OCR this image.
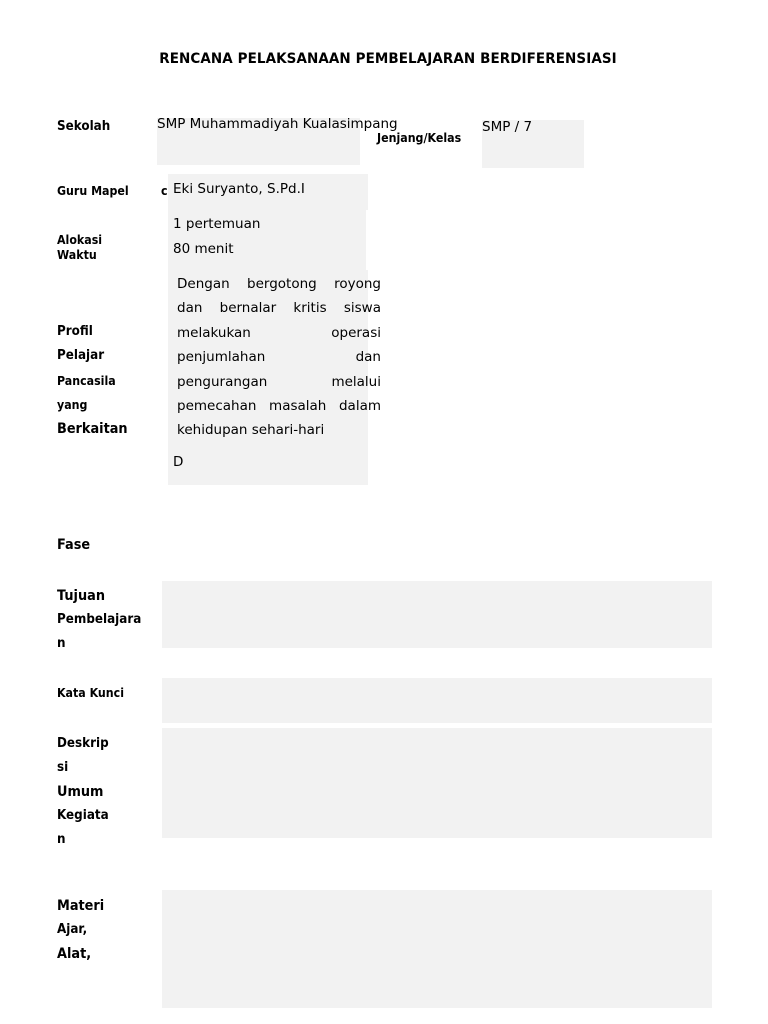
RENCANA PELAKSANAAN PEMBELAJARAN BERDIFERENSIASI
Sekolah	SMP Muhammadiyah Kualasimpang
Jenjang/Kelas
SMP / 7
Guru Mapel	c Eki Suryanto, S.Pd.I
Alokasi
Waktu
1 pertemuan
80 menit
Profil
Pelajar
Pancasila
yang
Berkaitan
Dengan bergotong royong
dan bernalar kritis siswa
melakukan operasi
penjumlahan dan
pengurangan melalui
pemecahan masalah dalam
kehidupan sehari-hari
D
Fase
Tujuan
Pembelajara
n
Kata Kunci
Deskrip
si
Umum
Kegiata
n
Materi
Ajar,
Alat,
